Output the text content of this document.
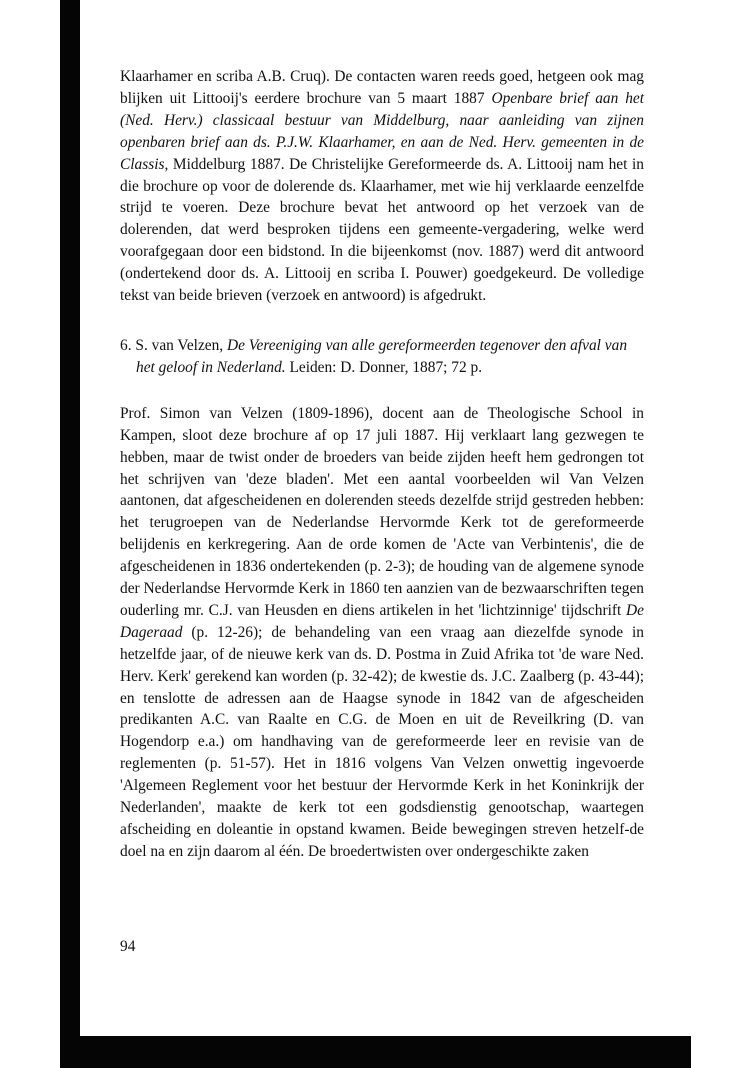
Klaarhamer en scriba A.B. Cruq). De contacten waren reeds goed, hetgeen ook mag blijken uit Littooij's eerdere brochure van 5 maart 1887 Openbare brief aan het (Ned. Herv.) classicaal bestuur van Middelburg, naar aanleiding van zijnen openbaren brief aan ds. P.J.W. Klaarhamer, en aan de Ned. Herv. gemeenten in de Classis, Middelburg 1887. De Christelijke Gereformeerde ds. A. Littooij nam het in die brochure op voor de dolerende ds. Klaarhamer, met wie hij verklaarde eenzelfde strijd te voeren. Deze brochure bevat het antwoord op het verzoek van de dolerenden, dat werd besproken tijdens een gemeente-vergadering, welke werd voorafgegaan door een bidstond. In die bijeenkomst (nov. 1887) werd dit antwoord (ondertekend door ds. A. Littooij en scriba I. Pouwer) goedgekeurd. De volledige tekst van beide brieven (verzoek en antwoord) is afgedrukt.

6. S. van Velzen, De Vereeniging van alle gereformeerden tegenover den afval van het geloof in Nederland. Leiden: D. Donner, 1887; 72 p.

Prof. Simon van Velzen (1809-1896), docent aan de Theologische School in Kampen, sloot deze brochure af op 17 juli 1887. Hij verklaart lang gezwegen te hebben, maar de twist onder de broeders van beide zijden heeft hem gedrongen tot het schrijven van 'deze bladen'. Met een aantal voorbeelden wil Van Velzen aantonen, dat afgescheidenen en dolerenden steeds dezelfde strijd gestreden hebben: het terugroepen van de Nederlandse Hervormde Kerk tot de gereformeerde belijdenis en kerkregering. Aan de orde komen de 'Acte van Verbintenis', die de afgescheidenen in 1836 ondertekenden (p. 2-3); de houding van de algemene synode der Nederlandse Hervormde Kerk in 1860 ten aanzien van de bezwaarschriften tegen ouderling mr. C.J. van Heusden en diens artikelen in het 'lichtzinnige' tijdschrift De Dageraad (p. 12-26); de behandeling van een vraag aan diezelfde synode in hetzelfde jaar, of de nieuwe kerk van ds. D. Postma in Zuid Afrika tot 'de ware Ned. Herv. Kerk' gerekend kan worden (p. 32-42); de kwestie ds. J.C. Zaalberg (p. 43-44); en tenslotte de adressen aan de Haagse synode in 1842 van de afgescheiden predikanten A.C. van Raalte en C.G. de Moen en uit de Reveilkring (D. van Hogendorp e.a.) om handhaving van de gereformeerde leer en revisie van de reglementen (p. 51-57). Het in 1816 volgens Van Velzen onwettig ingevoerde 'Algemeen Reglement voor het bestuur der Hervormde Kerk in het Koninkrijk der Nederlanden', maakte de kerk tot een godsdienstig genootschap, waartegen afscheiding en doleantie in opstand kwamen. Beide bewegingen streven hetzelf-de doel na en zijn daarom al één. De broedertwisten over ondergeschikte zaken

94
